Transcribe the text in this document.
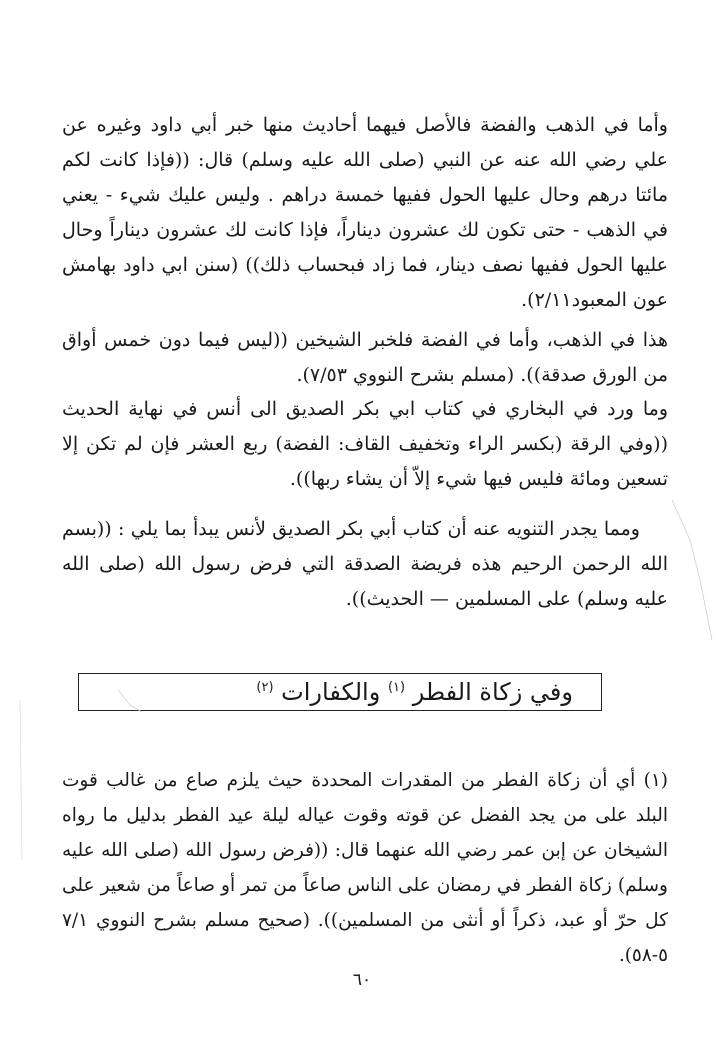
وأما في الذهب والفضة فالأصل فيهما أحاديث منها خبر أبي داود وغيره عن علي رضي الله عنه عن النبي (صلى الله عليه وسلم) قال: ((فإذا كانت لكم مائتا درهم وحال عليها الحول ففيها خمسة دراهم . وليس عليك شيء - يعني في الذهب - حتى تكون لك عشرون ديناراً، فإذا كانت لك عشرون ديناراً وحال عليها الحول ففيها نصف دينار، فما زاد فبحساب ذلك)) (سنن ابي داود بهامش عون المعبود٢/١١).

هذا في الذهب، وأما في الفضة فلخبر الشيخين ((ليس فيما دون خمس أواق من الورق صدقة)). (مسلم بشرح النووي ٧/٥٣).

وما ورد في البخاري في كتاب ابي بكر الصديق الى أنس في نهاية الحديث ((وفي الرقة (بكسر الراء وتخفيف القاف: الفضة) ربع العشر فإن لم تكن إلا تسعين ومائة فليس فيها شيء إلاّ أن يشاء ربها)).

ومما يجدر التنويه عنه أن كتاب أبي بكر الصديق لأنس يبدأ بما يلي : ((بسم الله الرحمن الرحيم هذه فريضة الصدقة التي فرض رسول الله (صلى الله عليه وسلم) على المسلمين — الحديث)).

وفي زكاة الفطر $^{(١)}$ والكفارات $^{(٢)}$

(١) أي أن زكاة الفطر من المقدرات المحددة حيث يلزم صاع من غالب قوت البلد على من يجد الفضل عن قوته وقوت عياله ليلة عيد الفطر بدليل ما رواه الشيخان عن إبن عمر رضي الله عنهما قال: ((فرض رسول الله (صلى الله عليه وسلم) زكاة الفطر في رمضان على الناس صاعاً من تمر أو صاعاً من شعير على كل حرّ أو عبد، ذكراً أو أنثى من المسلمين)). (صحيح مسلم بشرح النووي ٧/١ ٥-٥٨).

٦٠
